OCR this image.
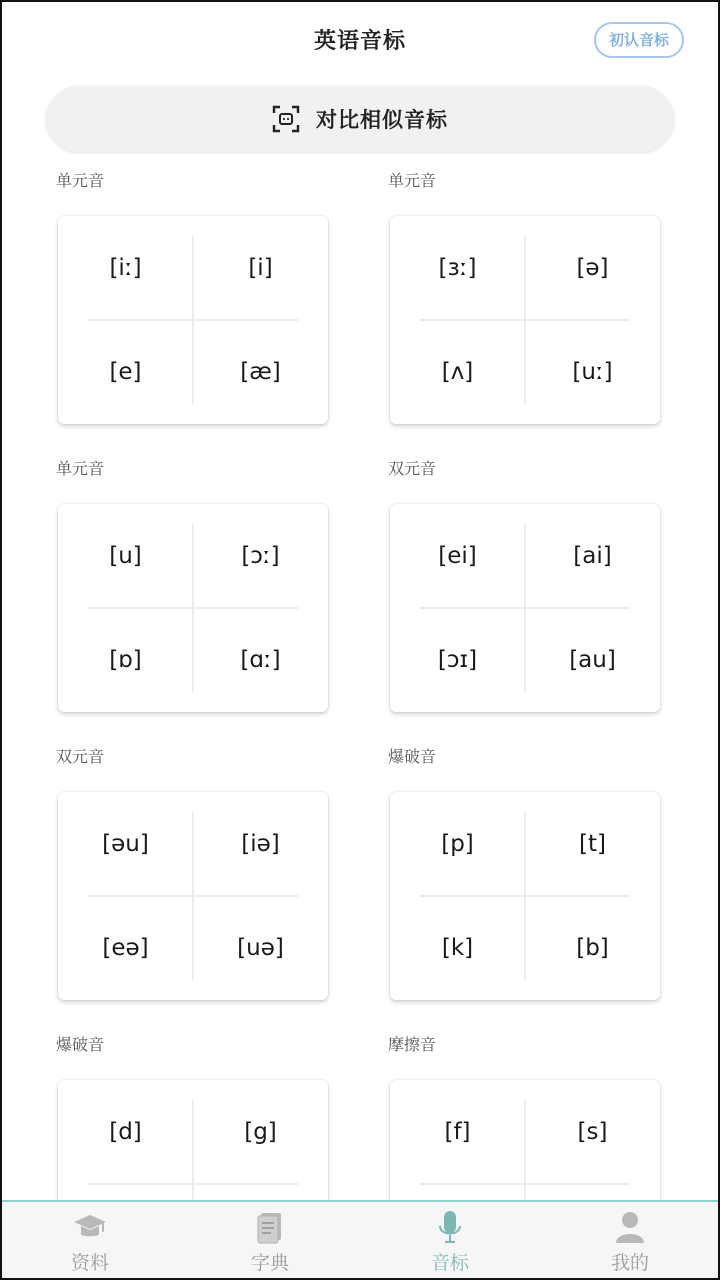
英语音标	初认音标
对比相似音标
单元音
[iː]	[i]
[e]	[æ]
单元音
[ɜː]	[ə]
[ʌ]	[uː]
单元音
[u]	[ɔː]
[ɒ]	[ɑː]
双元音
[ei]	[ai]
[ɔɪ]	[au]
双元音
[əu]	[iə]
[eə]	[uə]
爆破音
[p]	[t]
[k]	[b]
爆破音
[d]	[g]
摩擦音
[f]	[s]
资料	字典	音标	我的
